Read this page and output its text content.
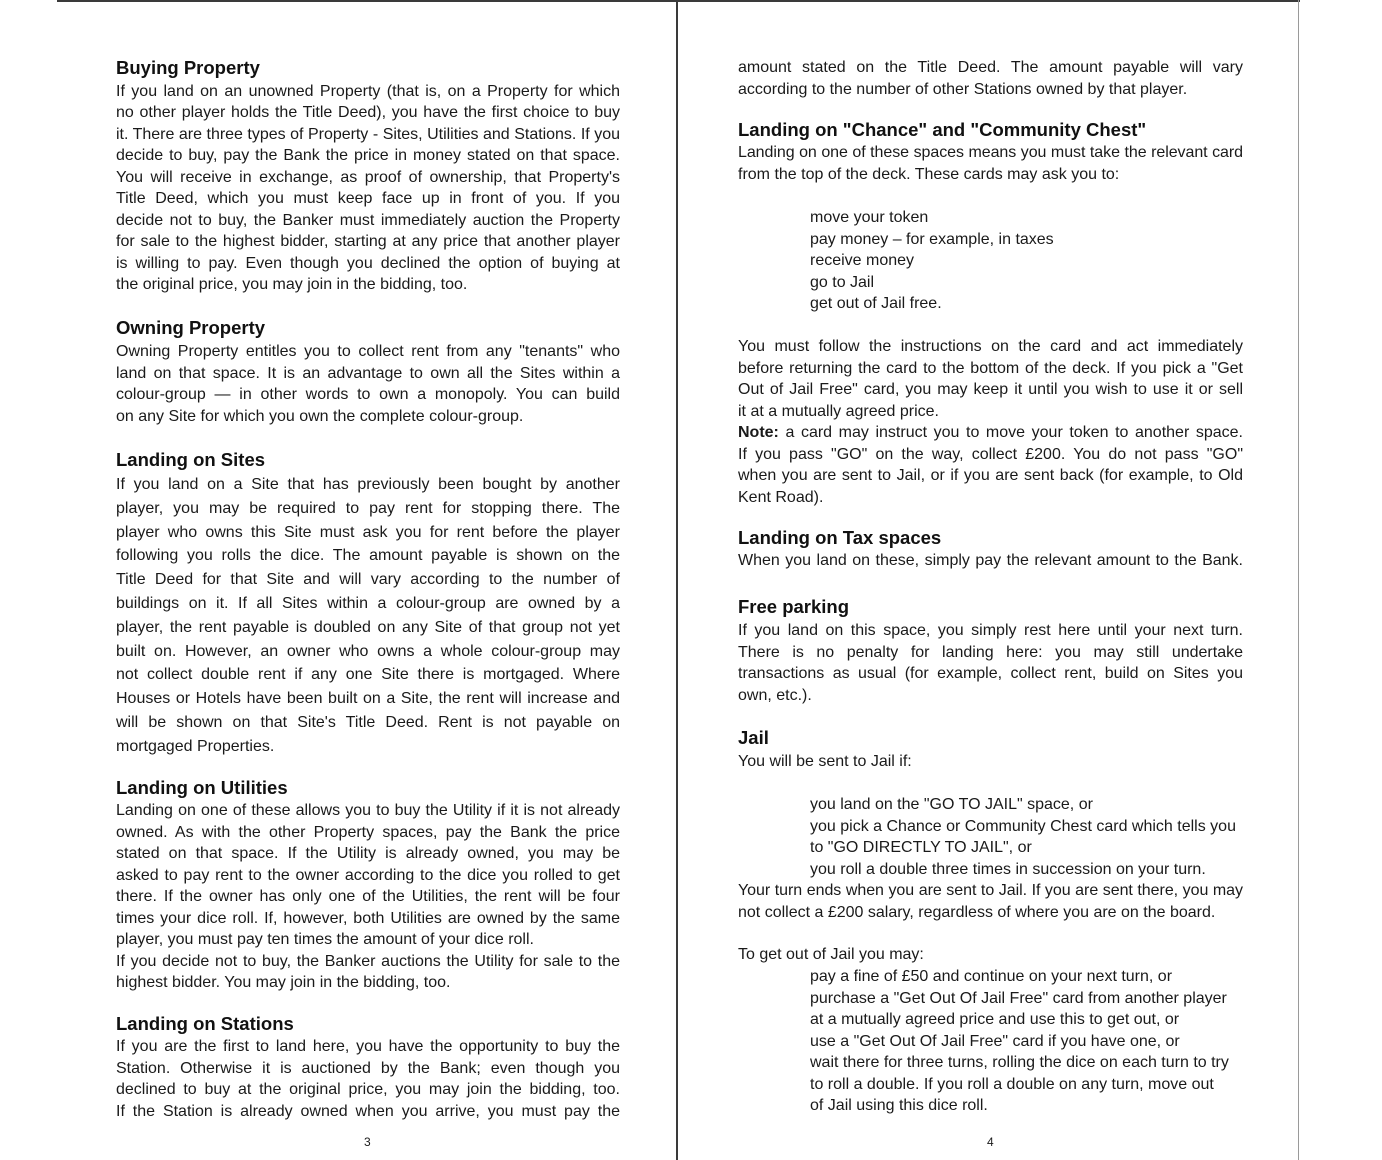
Buying Property
If you land on an unowned Property (that is, on a Property for which
no other player holds the Title Deed), you have the first choice to buy
it. There are three types of Property - Sites, Utilities and Stations. If you
decide to buy, pay the Bank the price in money stated on that space.
You will receive in exchange, as proof of ownership, that Property's
Title Deed, which you must keep face up in front of you. If you
decide not to buy, the Banker must immediately auction the Property
for sale to the highest bidder, starting at any price that another player
is willing to pay. Even though you declined the option of buying at
the original price, you may join in the bidding, too.
Owning Property
Owning Property entitles you to collect rent from any "tenants" who
land on that space. It is an advantage to own all the Sites within a
colour-group — in other words to own a monopoly. You can build
on any Site for which you own the complete colour-group.
Landing on Sites
If you land on a Site that has previously been bought by another
player, you may be required to pay rent for stopping there. The
player who owns this Site must ask you for rent before the player
following you rolls the dice. The amount payable is shown on the
Title Deed for that Site and will vary according to the number of
buildings on it. If all Sites within a colour-group are owned by a
player, the rent payable is doubled on any Site of that group not yet
built on. However, an owner who owns a whole colour-group may
not collect double rent if any one Site there is mortgaged. Where
Houses or Hotels have been built on a Site, the rent will increase and
will be shown on that Site's Title Deed. Rent is not payable on
mortgaged Properties.
Landing on Utilities
Landing on one of these allows you to buy the Utility if it is not already
owned. As with the other Property spaces, pay the Bank the price
stated on that space. If the Utility is already owned, you may be
asked to pay rent to the owner according to the dice you rolled to get
there. If the owner has only one of the Utilities, the rent will be four
times your dice roll. If, however, both Utilities are owned by the same
player, you must pay ten times the amount of your dice roll.
If you decide not to buy, the Banker auctions the Utility for sale to the
highest bidder. You may join in the bidding, too.
Landing on Stations
If you are the first to land here, you have the opportunity to buy the
Station. Otherwise it is auctioned by the Bank; even though you
declined to buy at the original price, you may join the bidding, too.
If the Station is already owned when you arrive, you must pay the
3
amount stated on the Title Deed. The amount payable will vary
according to the number of other Stations owned by that player.
Landing on "Chance" and "Community Chest"
Landing on one of these spaces means you must take the relevant card
from the top of the deck. These cards may ask you to:
move your token
pay money – for example, in taxes
receive money
go to Jail
get out of Jail free.
You must follow the instructions on the card and act immediately
before returning the card to the bottom of the deck. If you pick a "Get
Out of Jail Free" card, you may keep it until you wish to use it or sell
it at a mutually agreed price.
Note: a card may instruct you to move your token to another space.
If you pass "GO" on the way, collect £200. You do not pass "GO"
when you are sent to Jail, or if you are sent back (for example, to Old
Kent Road).
Landing on Tax spaces
When you land on these, simply pay the relevant amount to the Bank.
Free parking
If you land on this space, you simply rest here until your next turn.
There is no penalty for landing here: you may still undertake
transactions as usual (for example, collect rent, build on Sites you
own, etc.).
Jail
You will be sent to Jail if:
you land on the "GO TO JAIL" space, or
you pick a Chance or Community Chest card which tells you
to "GO DIRECTLY TO JAIL", or
you roll a double three times in succession on your turn.
Your turn ends when you are sent to Jail. If you are sent there, you may
not collect a £200 salary, regardless of where you are on the board.
To get out of Jail you may:
pay a fine of £50 and continue on your next turn, or
purchase a "Get Out Of Jail Free" card from another player
at a mutually agreed price and use this to get out, or
use a "Get Out Of Jail Free" card if you have one, or
wait there for three turns, rolling the dice on each turn to try
to roll a double. If you roll a double on any turn, move out
of Jail using this dice roll.
4
